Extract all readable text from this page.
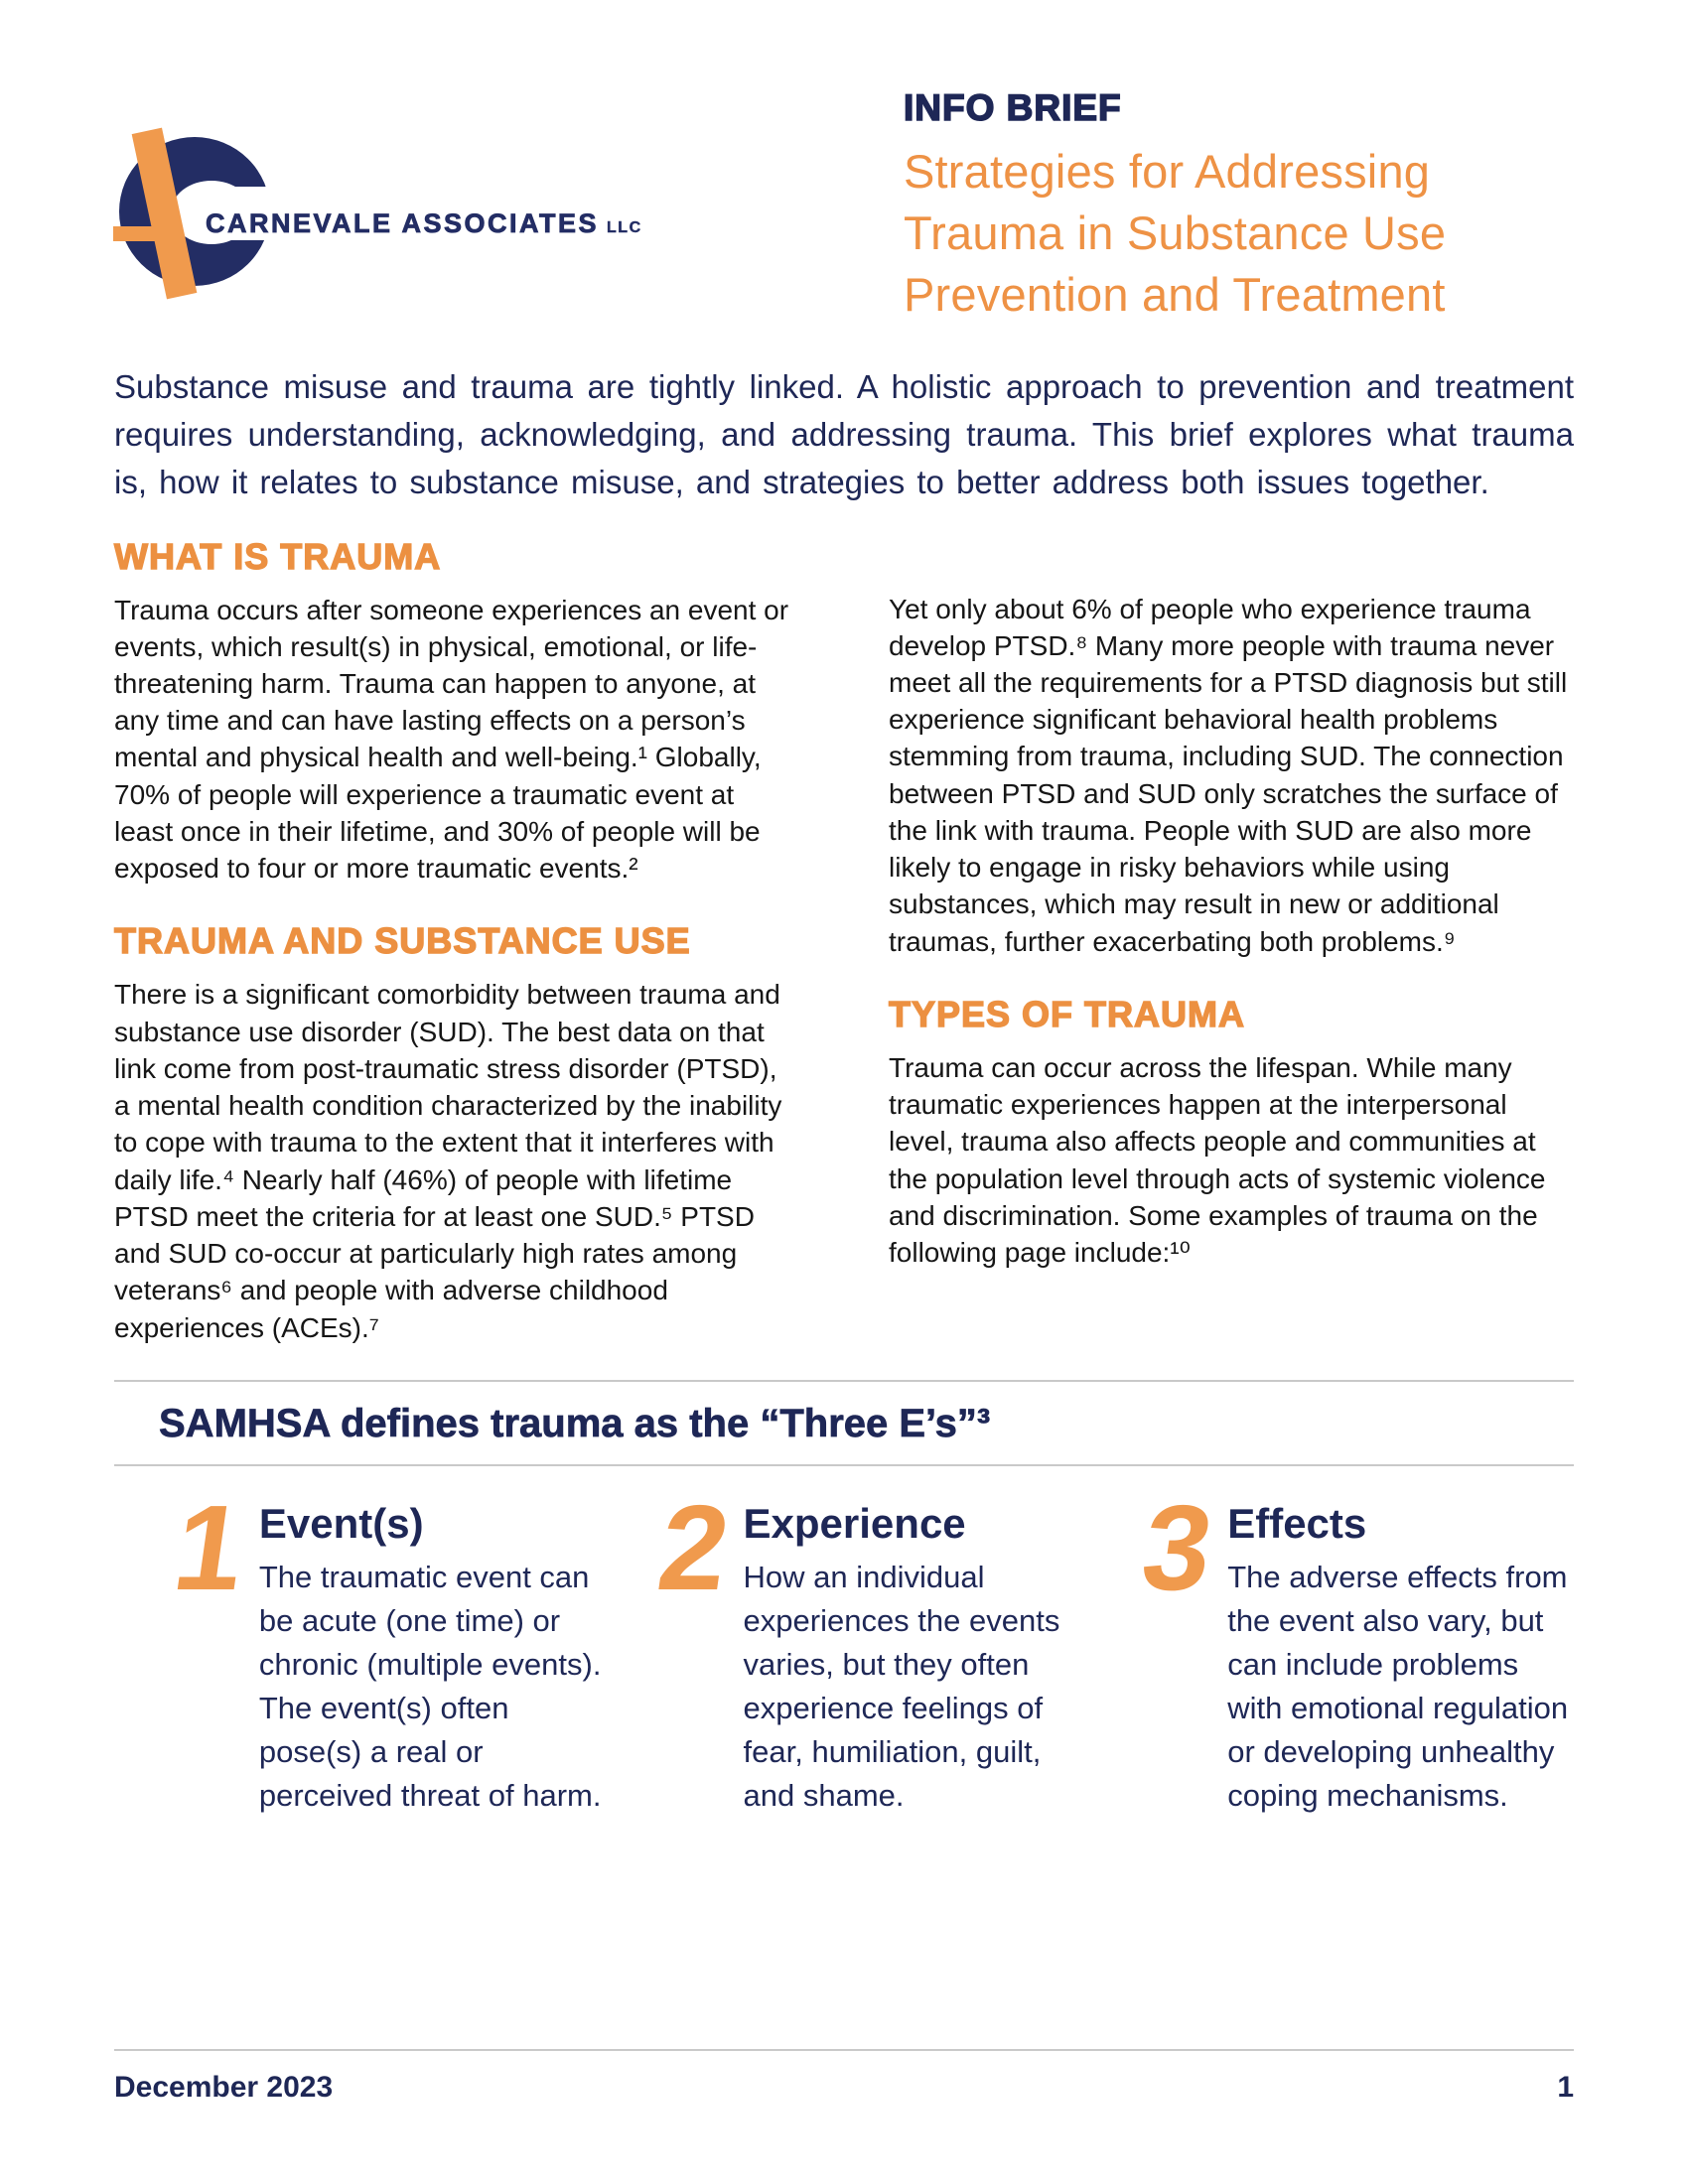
CARNEVALE ASSOCIATES LLC
INFO BRIEF
Strategies for Addressing Trauma in Substance Use Prevention and Treatment

Substance misuse and trauma are tightly linked. A holistic approach to prevention and treatment requires understanding, acknowledging, and addressing trauma. This brief explores what trauma is, how it relates to substance misuse, and strategies to better address both issues together.

WHAT IS TRAUMA

Trauma occurs after someone experiences an event or events, which result(s) in physical, emotional, or life-threatening harm. Trauma can happen to anyone, at any time and can have lasting effects on a person’s mental and physical health and well-being.¹ Globally, 70% of people will experience a traumatic event at least once in their lifetime, and 30% of people will be exposed to four or more traumatic events.²

TRAUMA AND SUBSTANCE USE

There is a significant comorbidity between trauma and substance use disorder (SUD). The best data on that link come from post-traumatic stress disorder (PTSD), a mental health condition characterized by the inability to cope with trauma to the extent that it interferes with daily life.⁴ Nearly half (46%) of people with lifetime PTSD meet the criteria for at least one SUD.⁵ PTSD and SUD co-occur at particularly high rates among veterans⁶ and people with adverse childhood experiences (ACEs).⁷

Yet only about 6% of people who experience trauma develop PTSD.⁸ Many more people with trauma never meet all the requirements for a PTSD diagnosis but still experience significant behavioral health problems stemming from trauma, including SUD. The connection between PTSD and SUD only scratches the surface of the link with trauma. People with SUD are also more likely to engage in risky behaviors while using substances, which may result in new or additional traumas, further exacerbating both problems.⁹

TYPES OF TRAUMA

Trauma can occur across the lifespan. While many traumatic experiences happen at the interpersonal level, trauma also affects people and communities at the population level through acts of systemic violence and discrimination. Some examples of trauma on the following page include:¹⁰

SAMHSA defines trauma as the “Three E’s”³
1 Event(s)
The traumatic event can be acute (one time) or chronic (multiple events). The event(s) often pose(s) a real or perceived threat of harm.
2 Experience
How an individual experiences the events varies, but they often experience feelings of fear, humiliation, guilt, and shame.
3 Effects
The adverse effects from the event also vary, but can include problems with emotional regulation or developing unhealthy coping mechanisms.
December 2023	1
